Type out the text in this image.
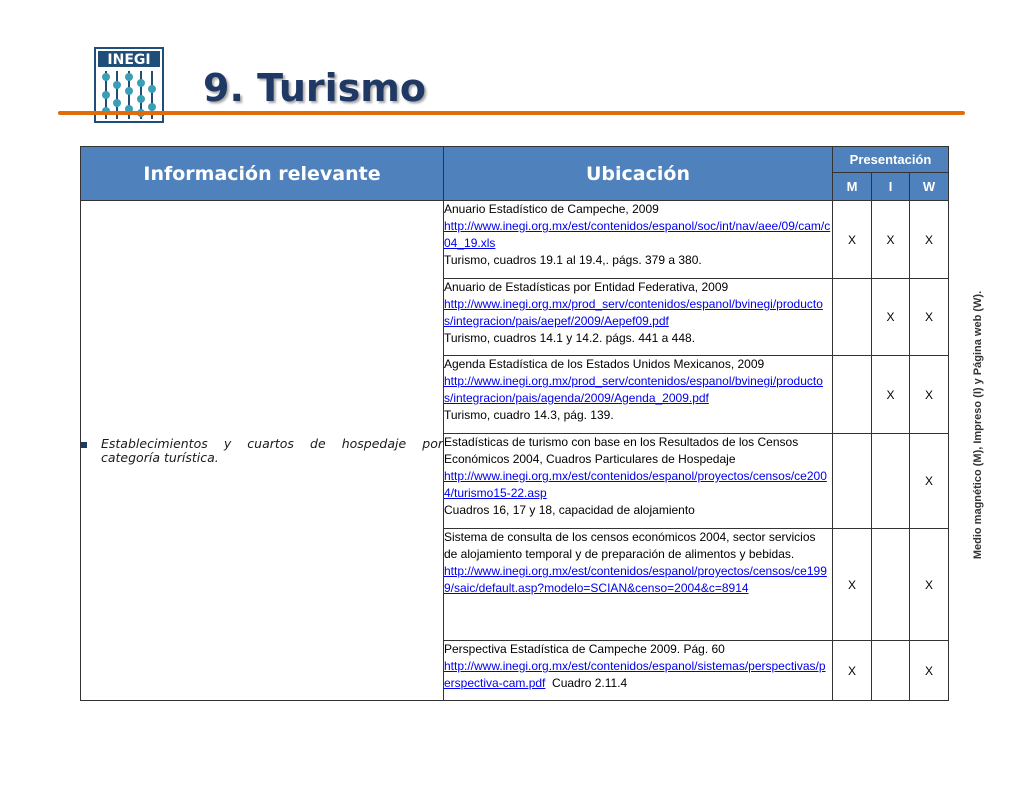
INEGI
9. Turismo
Información relevante	Ubicación	Presentación		
		M	I	W

Establecimientos y cuartos de hospedaje por categoría turística.	Anuario Estadístico de Campeche, 2009
http://www.inegi.org.mx/est/contenidos/espanol/soc/int/nav/aee/09/cam/c04_19.xls
Turismo, cuadros 19.1 al 19.4,. págs. 379 a 380.	X	X	X

	Anuario de Estadísticas por Entidad Federativa, 2009
http://www.inegi.org.mx/prod_serv/contenidos/espanol/bvinegi/productos/integracion/pais/aepef/2009/Aepef09.pdf
Turismo, cuadros 14.1 y 14.2. págs. 441 a 448.		X	X

	Agenda Estadística de los Estados Unidos Mexicanos, 2009
http://www.inegi.org.mx/prod_serv/contenidos/espanol/bvinegi/productos/integracion/pais/agenda/2009/Agenda_2009.pdf
Turismo, cuadro 14.3, pág. 139.		X	X

	Estadísticas de turismo con base en los Resultados de los Censos Económicos 2004, Cuadros Particulares de Hospedaje
http://www.inegi.org.mx/est/contenidos/espanol/proyectos/censos/ce2004/turismo15-22.asp
Cuadros 16, 17 y 18, capacidad de alojamiento			X

	Sistema de consulta de los censos económicos 2004, sector servicios de alojamiento temporal y de preparación de alimentos y bebidas.
http://www.inegi.org.mx/est/contenidos/espanol/proyectos/censos/ce1999/saic/default.asp?modelo=SCIAN&censo=2004&c=8914	X		X

	Perspectiva Estadística de Campeche 2009. Pág. 60
http://www.inegi.org.mx/est/contenidos/espanol/sistemas/perspectivas/perspectiva-cam.pdf Cuadro 2.11.4	X		X
Medio magnético (M), Impreso (I) y Página web (W).
